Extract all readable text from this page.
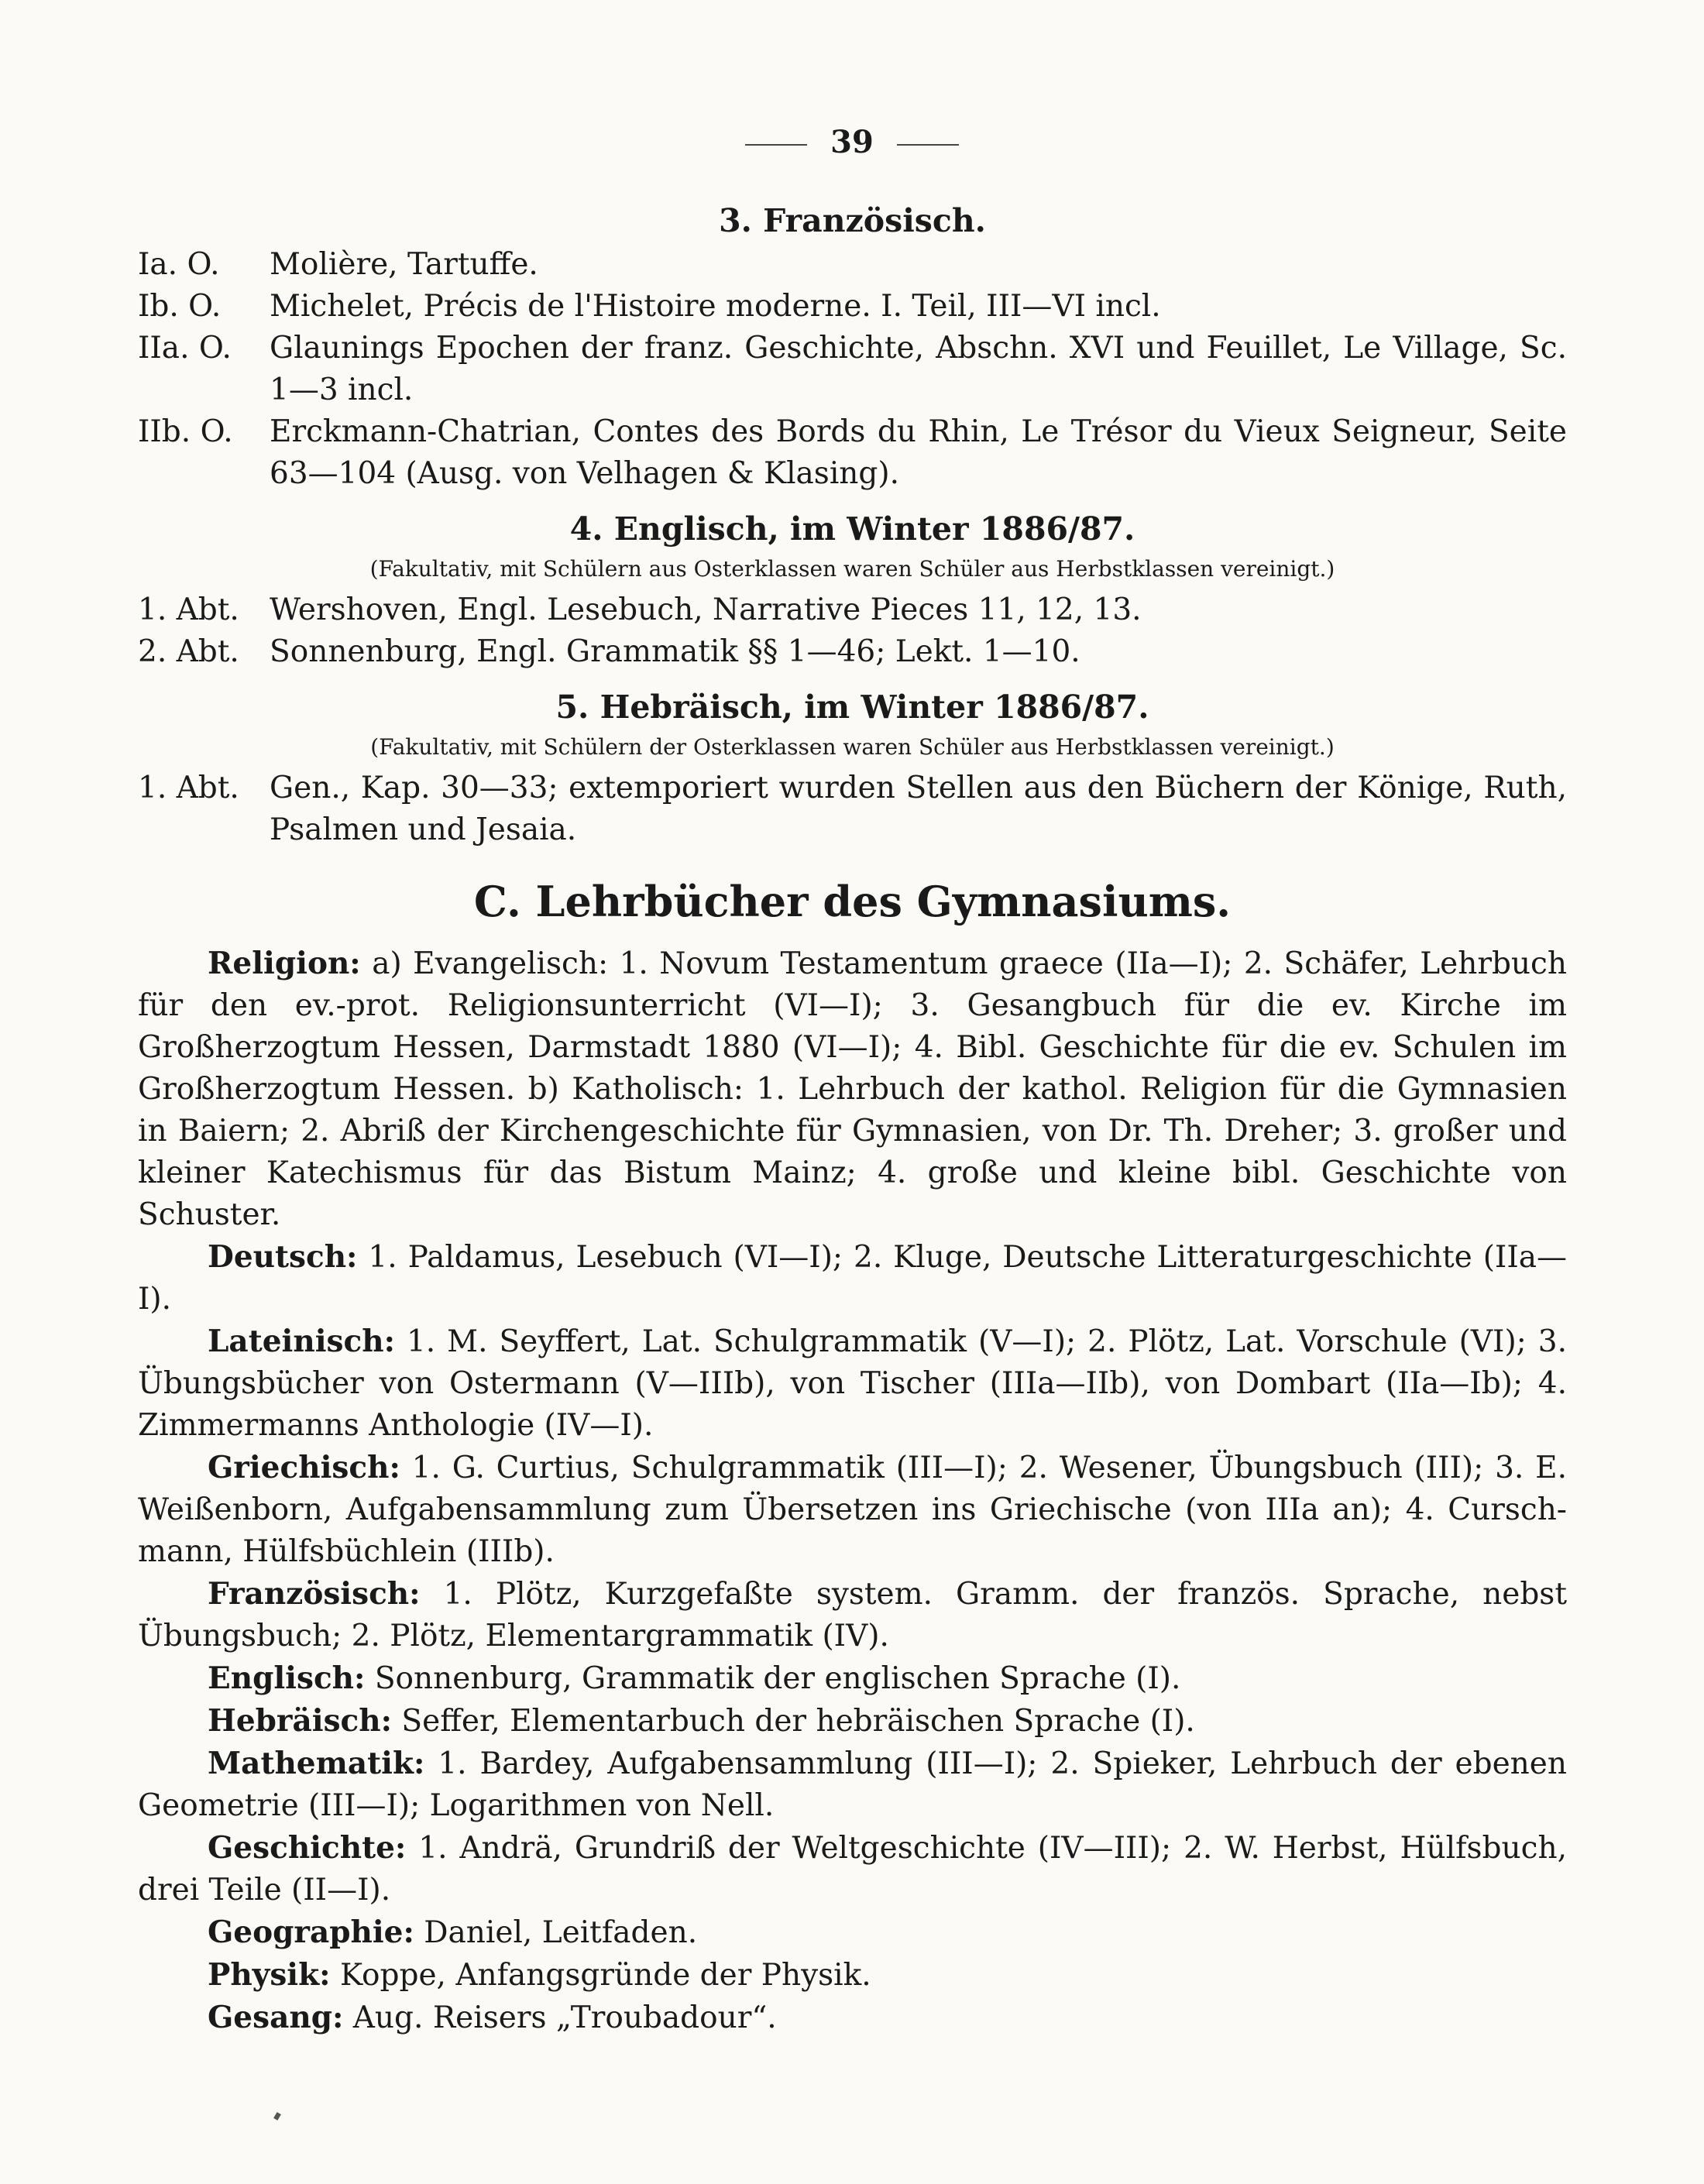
39
3. Französisch.
Ia. O.	Molière, Tartuffe.
Ib. O.	Michelet, Précis de l'Histoire moderne. I. Teil, III—VI incl.
IIa. O.	Glaunings Epochen der franz. Geschichte, Abschn. XVI und Feuillet, Le Village, Sc. 1—3 incl.
IIb. O.	Erckmann-Chatrian, Contes des Bords du Rhin, Le Trésor du Vieux Seigneur, Seite 63—104 (Ausg. von Velhagen & Klasing).
4. Englisch, im Winter 1886/87.
(Fakultativ, mit Schülern aus Osterklassen waren Schüler aus Herbstklassen vereinigt.)
1. Abt.	Wershoven, Engl. Lesebuch, Narrative Pieces 11, 12, 13.
2. Abt.	Sonnenburg, Engl. Grammatik §§ 1—46; Lekt. 1—10.
5. Hebräisch, im Winter 1886/87.
(Fakultativ, mit Schülern der Osterklassen waren Schüler aus Herbstklassen vereinigt.)
1. Abt.	Gen., Kap. 30—33; extemporiert wurden Stellen aus den Büchern der Könige, Ruth, Psalmen und Jesaia.
C. Lehrbücher des Gymnasiums.
Religion: a) Evangelisch: 1. Novum Testamentum graece (IIa—I); 2. Schäfer, Lehrbuch für den ev.-prot. Religionsunterricht (VI—I); 3. Gesangbuch für die ev. Kirche im Großherzogtum Hessen, Darmstadt 1880 (VI—I); 4. Bibl. Geschichte für die ev. Schulen im Großherzogtum Hessen. b) Katholisch: 1. Lehrbuch der kathol. Religion für die Gymnasien in Baiern; 2. Abriß der Kirchengeschichte für Gymnasien, von Dr. Th. Dreher; 3. großer und kleiner Katechismus für das Bistum Mainz; 4. große und kleine bibl. Geschichte von Schuster.
Deutsch: 1. Paldamus, Lesebuch (VI—I); 2. Kluge, Deutsche Litteraturgeschichte (IIa—I).
Lateinisch: 1. M. Seyffert, Lat. Schulgrammatik (V—I); 2. Plötz, Lat. Vorschule (VI); 3. Übungsbücher von Ostermann (V—IIIb), von Tischer (IIIa—IIb), von Dombart (IIa—Ib); 4. Zimmermanns Anthologie (IV—I).
Griechisch: 1. G. Curtius, Schulgrammatik (III—I); 2. Wesener, Übungsbuch (III); 3. E. Weißenborn, Aufgabensammlung zum Übersetzen ins Griechische (von IIIa an); 4. Cursch-mann, Hülfsbüchlein (IIIb).
Französisch: 1. Plötz, Kurzgefaßte system. Gramm. der französ. Sprache, nebst Übungsbuch; 2. Plötz, Elementargrammatik (IV).
Englisch: Sonnenburg, Grammatik der englischen Sprache (I).
Hebräisch: Seffer, Elementarbuch der hebräischen Sprache (I).
Mathematik: 1. Bardey, Aufgabensammlung (III—I); 2. Spieker, Lehrbuch der ebenen Geometrie (III—I); Logarithmen von Nell.
Geschichte: 1. Andrä, Grundriß der Weltgeschichte (IV—III); 2. W. Herbst, Hülfsbuch, drei Teile (II—I).
Geographie: Daniel, Leitfaden.
Physik: Koppe, Anfangsgründe der Physik.
Gesang: Aug. Reisers „Troubadour“.
